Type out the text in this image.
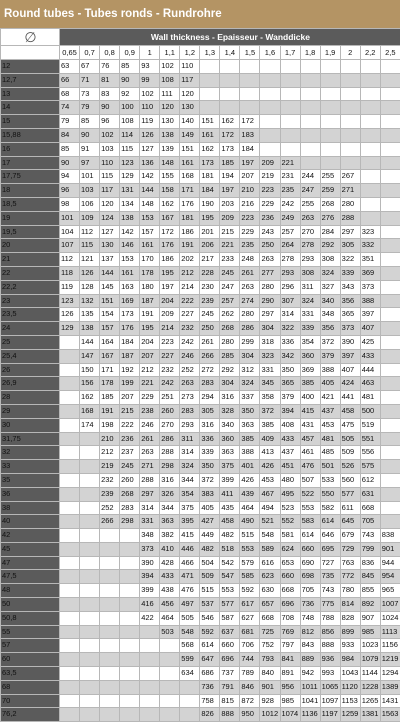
Round tubes - Tubes ronds - Rundrohre
∅	Wall thickness - Epaisseur - Wanddicke																
	0,65	0,7	0,8	0,9	1	1,1	1,2	1,3	1,4	1,5	1,6	1,7	1,8	1,9	2	2,2	2,5
12	63	67	76	85	93	102	110										
12,7	66	71	81	90	99	108	117										
13	68	73	83	92	102	111	120										
14	74	79	90	100	110	120	130										
15	79	85	96	108	119	130	140	151	162	172							
15,88	84	90	102	114	126	138	149	161	172	183							
16	85	91	103	115	127	139	151	162	173	184							
17	90	97	110	123	136	148	161	173	185	197	209	221					
17,75	94	101	115	129	142	155	168	181	194	207	219	231	244	255	267		
18	96	103	117	131	144	158	171	184	197	210	223	235	247	259	271		
18,5	98	106	120	134	148	162	176	190	203	216	229	242	255	268	280		
19	101	109	124	138	153	167	181	195	209	223	236	249	263	276	288		
19,5	104	112	127	142	157	172	186	201	215	229	243	257	270	284	297	323	
20	107	115	130	146	161	176	191	206	221	235	250	264	278	292	305	332	
21	112	121	137	153	170	186	202	217	233	248	263	278	293	308	322	351	
22	118	126	144	161	178	195	212	228	245	261	277	293	308	324	339	369	
22,2	119	128	145	163	180	197	214	230	247	263	280	296	311	327	343	373	
23	123	132	151	169	187	204	222	239	257	274	290	307	324	340	356	388	
23,5	126	135	154	173	191	209	227	245	262	280	297	314	331	348	365	397	
24	129	138	157	176	195	214	232	250	268	286	304	322	339	356	373	407	
25		144	164	184	204	223	242	261	280	299	318	336	354	372	390	425	
25,4		147	167	187	207	227	246	266	285	304	323	342	360	379	397	433	
26		150	171	192	212	232	252	272	292	312	331	350	369	388	407	444	
26,9		156	178	199	221	242	263	283	304	324	345	365	385	405	424	463	
28		162	185	207	229	251	273	294	316	337	358	379	400	421	441	481	
29		168	191	215	238	260	283	305	328	350	372	394	415	437	458	500	
30		174	198	222	246	270	293	316	340	363	385	408	431	453	475	519	
31,75			210	236	261	286	311	336	360	385	409	433	457	481	505	551	
32			212	237	263	288	314	339	363	388	413	437	461	485	509	556	
33			219	245	271	298	324	350	375	401	426	451	476	501	526	575	
35			232	260	288	316	344	372	399	426	453	480	507	533	560	612	
36			239	268	297	326	354	383	411	439	467	495	522	550	577	631	
38			252	283	314	344	375	405	435	464	494	523	553	582	611	668	
40			266	298	331	363	395	427	458	490	521	552	583	614	645	705	
42					348	382	415	449	482	515	548	581	614	646	679	743	838
45					373	410	446	482	518	553	589	624	660	695	729	799	901
47					390	428	466	504	542	579	616	653	690	727	763	836	944
47,5					394	433	471	509	547	585	623	660	698	735	772	845	954
48					399	438	476	515	553	592	630	668	705	743	780	855	965
50					416	456	497	537	577	617	657	696	736	775	814	892	1007
50,8					422	464	505	546	587	627	668	708	748	788	828	907	1024
55						503	548	592	637	681	725	769	812	856	899	985	1113
57							568	614	660	706	752	797	843	888	933	1023	1156
60							599	647	696	744	793	841	889	936	984	1079	1219
63,5							634	686	737	789	840	891	942	993	1043	1144	1294
68								736	791	846	901	956	1011	1065	1120	1228	1389
70								758	815	872	928	985	1041	1097	1153	1265	1431
76,2								826	888	950	1012	1074	1136	1197	1259	1381	1563
